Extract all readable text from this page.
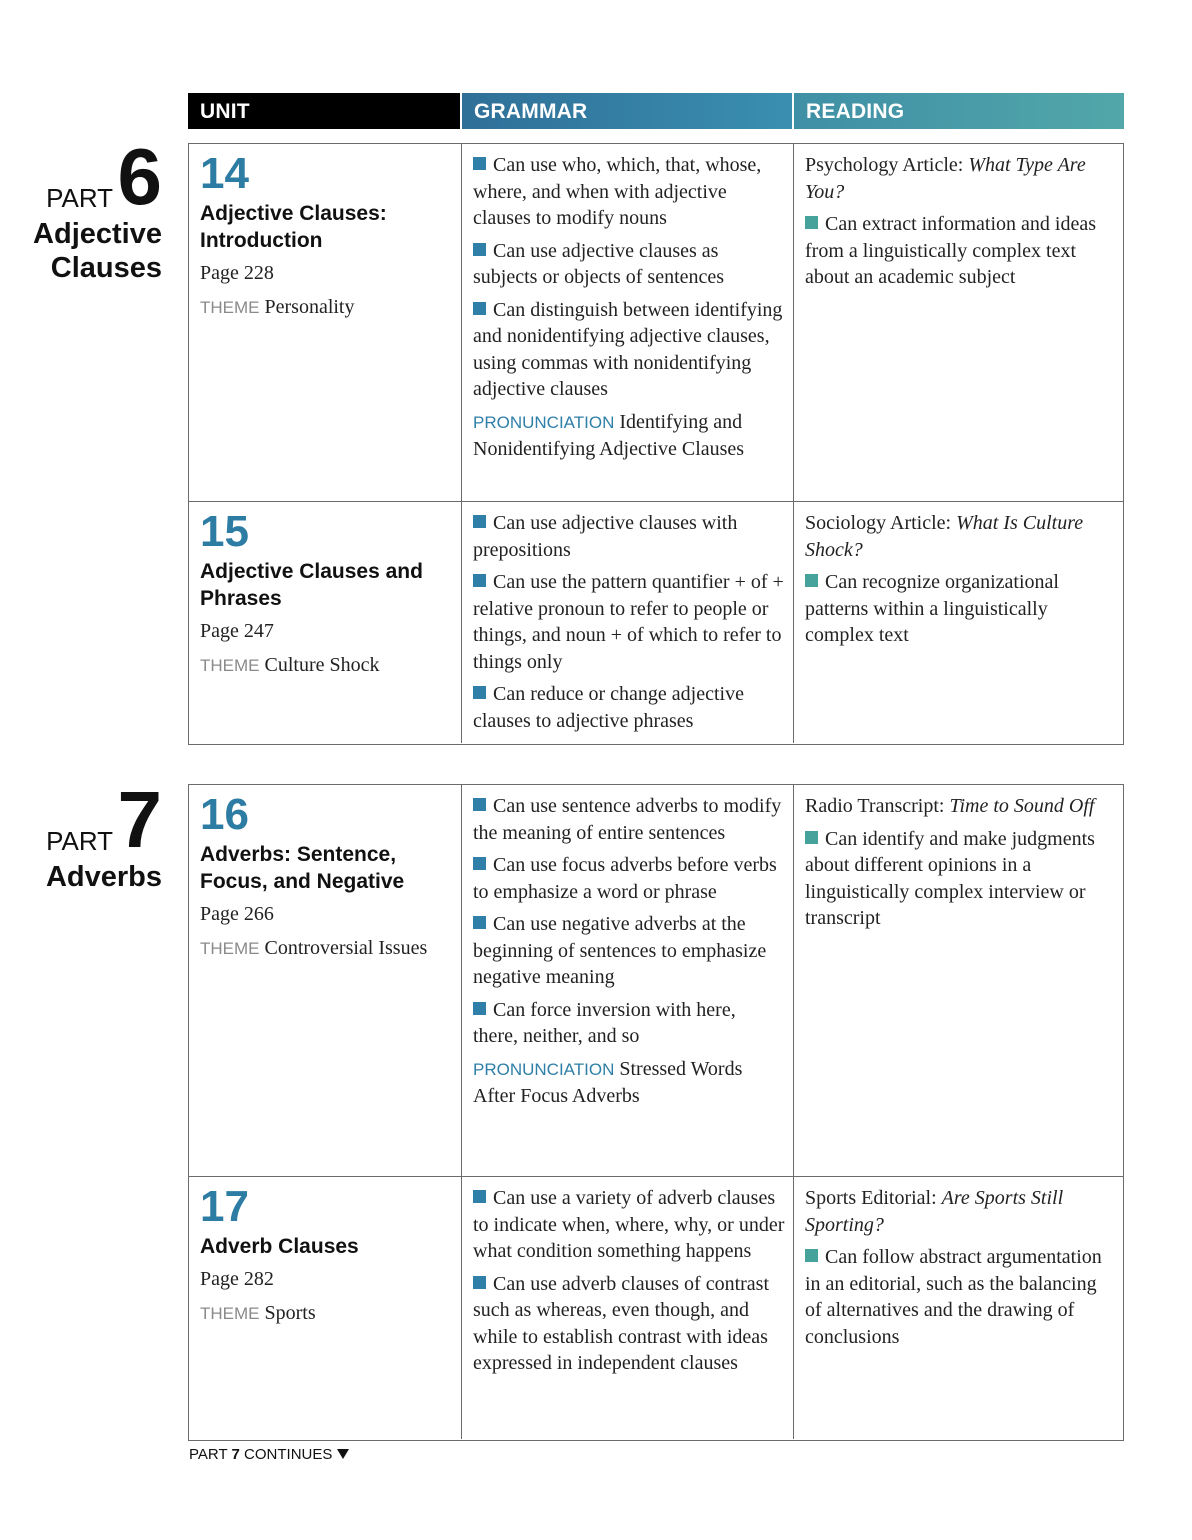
UNIT	GRAMMAR	READING
PART 6
Adjective
Clauses
14
Adjective Clauses: Introduction
Page 228
THEME Personality
Can use who, which, that, whose, where, and when with adjective clauses to modify nouns
Can use adjective clauses as subjects or objects of sentences
Can distinguish between identifying and nonidentifying adjective clauses, using commas with nonidentifying adjective clauses
PRONUNCIATION Identifying and Nonidentifying Adjective Clauses
Psychology Article: What Type Are You?
Can extract information and ideas from a linguistically complex text about an academic subject
15
Adjective Clauses and Phrases
Page 247
THEME Culture Shock
Can use adjective clauses with prepositions
Can use the pattern quantifier + of + relative pronoun to refer to people or things, and noun + of which to refer to things only
Can reduce or change adjective clauses to adjective phrases
Sociology Article: What Is Culture Shock?
Can recognize organizational patterns within a linguistically complex text
PART 7
Adverbs
16
Adverbs: Sentence, Focus, and Negative
Page 266
THEME Controversial Issues
Can use sentence adverbs to modify the meaning of entire sentences
Can use focus adverbs before verbs to emphasize a word or phrase
Can use negative adverbs at the beginning of sentences to emphasize negative meaning
Can force inversion with here, there, neither, and so
PRONUNCIATION Stressed Words After Focus Adverbs
Radio Transcript: Time to Sound Off
Can identify and make judgments about different opinions in a linguistically complex interview or transcript
17
Adverb Clauses
Page 282
THEME Sports
Can use a variety of adverb clauses to indicate when, where, why, or under what condition something happens
Can use adverb clauses of contrast such as whereas, even though, and while to establish contrast with ideas expressed in independent clauses
Sports Editorial: Are Sports Still Sporting?
Can follow abstract argumentation in an editorial, such as the balancing of alternatives and the drawing of conclusions
PART 7 CONTINUES
